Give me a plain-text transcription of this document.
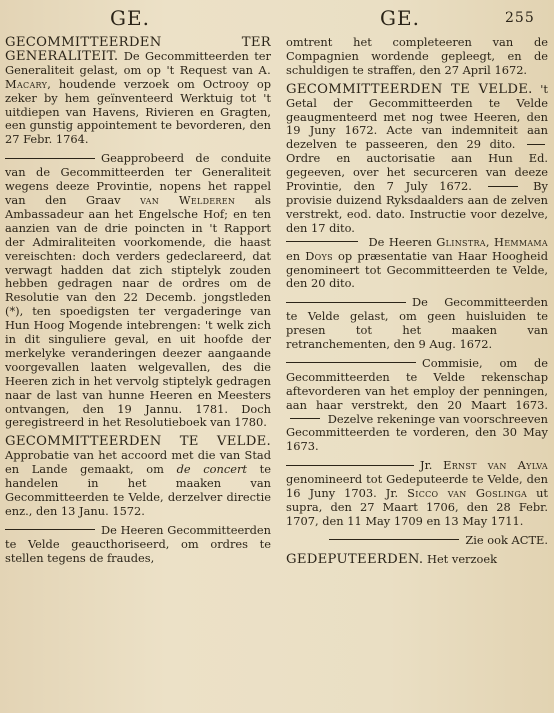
GE.	GE.	255

GECOMMITTEERDEN TER GENERALITEIT. De Gecommitteerden ter Generaliteit gelast, om op 't Request van A. Macary, houdende verzoek om Octrooy op zeker by hem geïnventeerd Werktuig tot 't uitdiepen van Havens, Rivieren en Gragten, een gunstig appointement te bevorderen, den 27 Febr. 1764.

Geapprobeerd de conduite van de Gecommitteerden ter Generaliteit wegens deeze Provintie, nopens het rappel van den Graav van Welderen als Ambassadeur aan het Engelsche Hof; en ten aanzien van de drie poincten in 't Rapport der Admiraliteiten voorkomende, die haast vereischten: doch verders gedeclareerd, dat verwagt hadden dat zich stiptelyk zouden hebben gedragen naar de ordres om de Resolutie van den 22 Decemb. jongstleden (*), ten spoedigsten ter vergaderinge van Hun Hoog Mogende intebrengen: 't welk zich in dit singuliere geval, en uit hoofde der merkelyke veranderingen deezer aangaande voorgevallen laaten welgevallen, des die Heeren zich in het vervolg stiptelyk gedragen naar de last van hunne Heeren en Meesters ontvangen, den 19 Jannu. 1781. Doch geregistreerd in het Resolutieboek van 1780.

GECOMMITTEERDEN TE VELDE. Approbatie van het accoord met die van Stad en Lande gemaakt, om de concert te handelen in het maaken van Gecommitteerden te Velde, derzelver directie enz., den 13 Janu. 1572.

De Heeren Gecommitteerden te Velde geaucthoriseerd, om ordres te stellen tegens de fraudes,

omtrent het completeeren van de Compagnien wordende gepleegt, en de schuldigen te straffen, den 27 April 1672.

GECOMMITTEERDEN TE VELDE. 't Getal der Gecommitteerden te Velde geaugmenteerd met nog twee Heeren, den 19 Juny 1672. Acte van indemniteit aan dezelven te passeeren, den 29 dito.  Ordre en auctorisatie aan Hun Ed. gegeeven, over het securceren van deeze Provintie, den 7 July 1672.	By provisie duizend Ryksdaalders aan de zelven verstrekt, eod. dato. Instructie voor dezelve, den 17 dito.
De Heeren Glinstra, Hemmama en Doys op præsentatie van Haar Hoogheid genomineert tot Gecommitteerden te Velde, den 20 dito.

De Gecommitteerden te Velde gelast, om geen huisluiden te presen tot het maaken van retranchementen, den 9 Aug. 1672.

Commisie, om de Gecommitteerden te Velde rekenschap aftevorderen van het employ der penningen, aan haar verstrekt, den 20 Maart 1673.  Dezelve rekeninge van voorschreeven Gecommitteerden te vorderen, den 30 May 1673.

Jr. Ernst van Aylva genomineerd tot Gedeputeerde te Velde, den 16 Juny 1703. Jr. Sicco van Goslinga ut supra, den 27 Maart 1706, den 28 Febr. 1707, den 11 May 1709 en 13 May 1711.

Zie ook ACTE.

GEDEPUTEERDEN. Het verzoek
